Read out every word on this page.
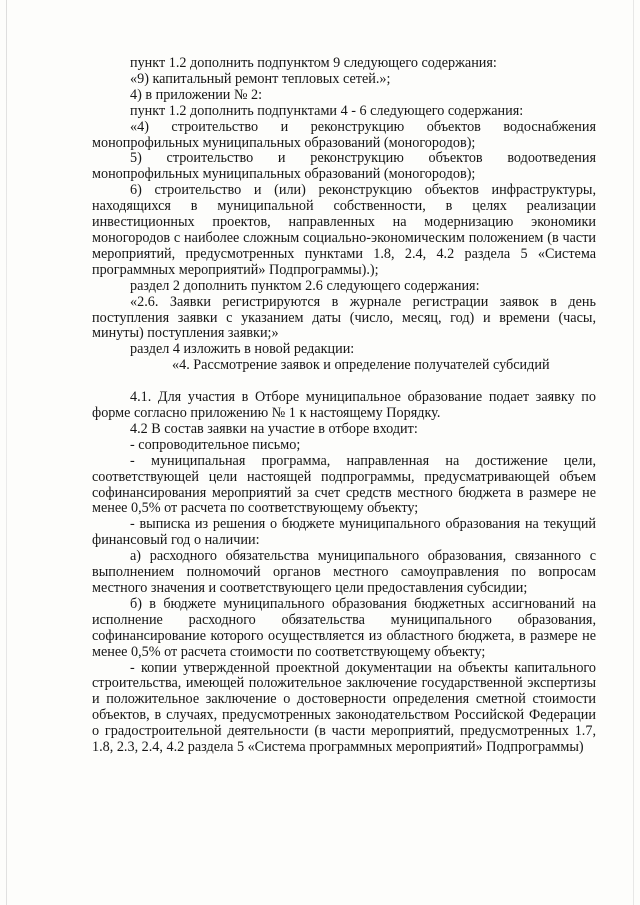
пункт 1.2 дополнить подпунктом 9 следующего содержания:

«9) капитальный ремонт тепловых сетей.»;

4) в приложении № 2:

пункт 1.2 дополнить подпунктами 4 - 6 следующего содержания:

«4) строительство и реконструкцию объектов водоснабжения монопрофильных муниципальных образований (моногородов);

5) строительство и реконструкцию объектов водоотведения монопрофильных муниципальных образований (моногородов);

6) строительство и (или) реконструкцию объектов инфраструктуры, находящихся в муниципальной собственности, в целях реализации инвестиционных проектов, направленных на модернизацию экономики моногородов с наиболее сложным социально-экономическим положением (в части мероприятий, предусмотренных пунктами 1.8, 2.4, 4.2 раздела 5 «Система программных мероприятий» Подпрограммы).);

раздел 2 дополнить пунктом 2.6 следующего содержания:

«2.6. Заявки регистрируются в журнале регистрации заявок в день поступления заявки с указанием даты (число, месяц, год) и времени (часы, минуты) поступления заявки;»

раздел 4 изложить в новой редакции:

«4. Рассмотрение заявок и определение получателей субсидий

4.1. Для участия в Отборе муниципальное образование подает заявку по форме согласно приложению № 1 к настоящему Порядку.

4.2 В состав заявки на участие в отборе входит:

- сопроводительное письмо;

- муниципальная программа, направленная на достижение цели, соответствующей цели настоящей подпрограммы, предусматривающей объем софинансирования мероприятий за счет средств местного бюджета в размере не менее 0,5% от расчета по соответствующему объекту;

- выписка из решения о бюджете муниципального образования на текущий финансовый год о наличии:

а) расходного обязательства муниципального образования, связанного с выполнением полномочий органов местного самоуправления по вопросам местного значения и соответствующего цели предоставления субсидии;

б) в бюджете муниципального образования бюджетных ассигнований на исполнение расходного обязательства муниципального образования, софинансирование которого осуществляется из областного бюджета, в размере не менее 0,5% от расчета стоимости по соответствующему объекту;

- копии утвержденной проектной документации на объекты капитального строительства, имеющей положительное заключение государственной экспертизы и положительное заключение о достоверности определения сметной стоимости объектов, в случаях, предусмотренных законодательством Российской Федерации о градостроительной деятельности (в части мероприятий, предусмотренных 1.7, 1.8, 2.3, 2.4, 4.2 раздела 5 «Система программных мероприятий» Подпрограммы)
